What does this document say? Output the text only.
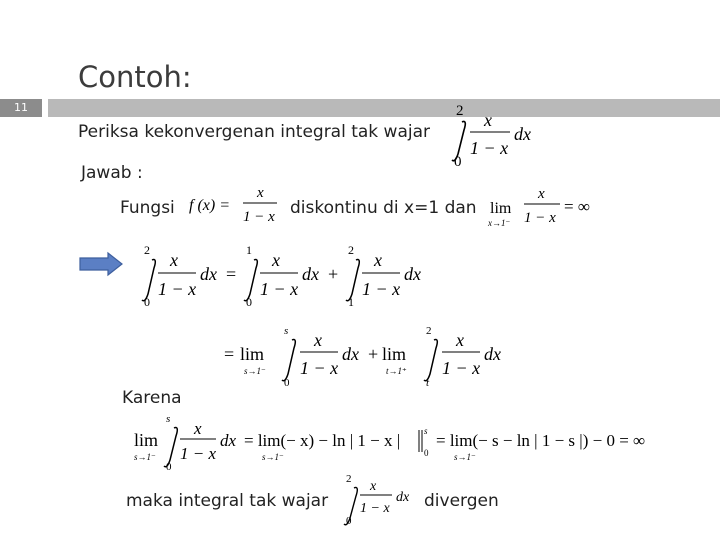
Contoh:
11
Periksa kekonvergenan integral tak wajar
2
0
x
1 − x
dx
Jawab :
Fungsi f (x) =
x
1 − x diskontinu di x=1 dan lim
x→1⁻
x
1 − x
= ∞
2
0
x
1 − x
dx =
1
0
x
1 − x
dx +
2
1
x
1 − x
dx
= lim
s→1⁻
s
0
x
1 − x
dx + lim
t→1⁺
2
t
x
1 − x
dx
Karena
lim
s→1⁻
s
0
x
1 − x
dx = lim(− x) − ln | 1 − x |
s→1⁻
s
0
= lim(− s − ln | 1 − s |) − 0 = ∞
s→1⁻
maka integral tak wajar
2
0
x
1 − x
dx divergen
